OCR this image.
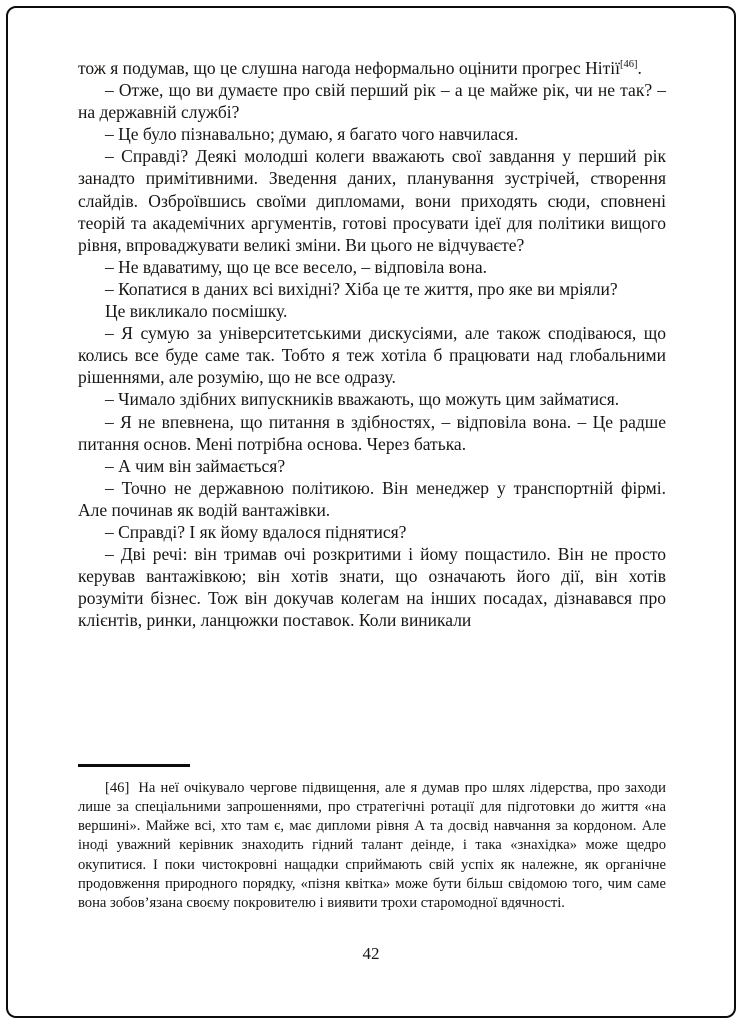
тож я подумав, що це слушна нагода неформально оцінити прогрес Нітії[46].

– Отже, що ви думаєте про свій перший рік – а це майже рік, чи не так? – на державній службі?

– Це було пізнавально; думаю, я багато чого навчилася.

– Справді? Деякі молодші колеги вважають свої завдання у перший рік занадто примітивними. Зведення даних, планування зустрічей, створення слайдів. Озброївшись своїми дипломами, вони приходять сюди, сповнені теорій та академічних аргументів, готові просувати ідеї для політики вищого рівня, впроваджувати великі зміни. Ви цього не відчуваєте?

– Не вдаватиму, що це все весело, – відповіла вона.

– Копатися в даних всі вихідні? Хіба це те життя, про яке ви мріяли?

Це викликало посмішку.

– Я сумую за університетськими дискусіями, але також сподіваюся, що колись все буде саме так. Тобто я теж хотіла б працювати над глобальними рішеннями, але розумію, що не все одразу.

– Чимало здібних випускників вважають, що можуть цим займатися.

– Я не впевнена, що питання в здібностях, – відповіла вона. – Це радше питання основ. Мені потрібна основа. Через батька.

– А чим він займається?

– Точно не державною політикою. Він менеджер у транспортній фірмі. Але починав як водій вантажівки.

– Справді? І як йому вдалося піднятися?

– Дві речі: він тримав очі розкритими і йому пощастило. Він не просто керував вантажівкою; він хотів знати, що означають його дії, він хотів розуміти бізнес. Тож він докучав колегам на інших посадах, дізнавався про клієнтів, ринки, ланцюжки поставок. Коли виникали

[46] На неї очікувало чергове підвищення, але я думав про шлях лідерства, про заходи лише за спеціальними запрошеннями, про стратегічні ротації для підготовки до життя «на вершині». Майже всі, хто там є, має дипломи рівня А та досвід навчання за кордоном. Але іноді уважний керівник знаходить гідний талант деінде, і така «знахідка» може щедро окупитися. І поки чистокровні нащадки сприймають свій успіх як належне, як органічне продовження природного порядку, «пізня квітка» може бути більш свідомою того, чим саме вона зобов’язана своєму покровителю і виявити трохи старомодної вдячності.

42
